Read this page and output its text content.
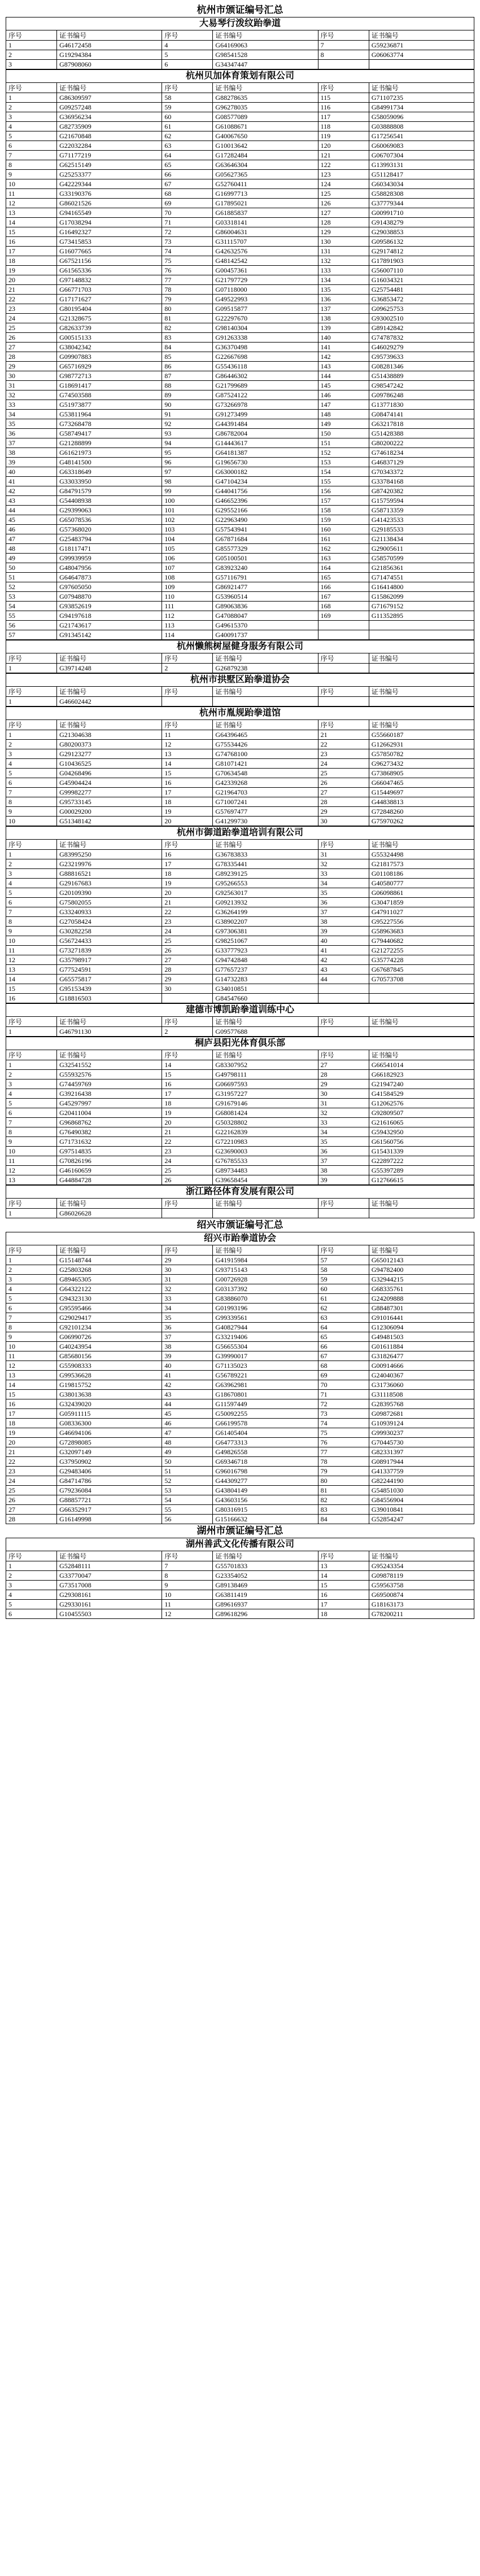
杭州市颁证编号汇总
大易琴行泼纹跆拳道
序号	证书编号	序号	证书编号	序号	证书编号
1	G46172458	4	G64169063	7	G59236871
2	G19294384	5	G98541528	8	G06063774
3	G87908060	6	G34347447		
杭州贝加体育策划有限公司
序号	证书编号	序号	证书编号	序号	证书编号
1	G86309597	58	G88278635	115	G71107235
2	G09257248	59	G96278035	116	G84991734
3	G36956234	60	G08577089	117	G58059096
4	G82735909	61	G61088671	118	G03888808
5	G21670848	62	G40067650	119	G17256541
6	G22032284	63	G10013642	120	G60069083
7	G71177219	64	G17282484	121	G06707304
8	G62515149	65	G63646304	122	G13993131
9	G25253377	66	G05627365	123	G51128417
10	G42229344	67	G52760411	124	G60343034
11	G33190376	68	G16997713	125	G58828308
12	G86021526	69	G17895021	126	G37779344
13	G94165549	70	G61885837	127	G00991710
14	G17038294	71	G03318141	128	G91438279
15	G16492327	72	G86004631	129	G29038853
16	G73415853	73	G31115707	130	G09586132
17	G16077665	74	G42632576	131	G29174812
18	G67521156	75	G48142542	132	G17891903
19	G61565336	76	G00457361	133	G56007110
20	G97148832	77	G21797729	134	G16034321
21	G66771703	78	G07118000	135	G25754481
22	G17171627	79	G49522993	136	G36853472
23	G80195404	80	G09515877	137	G09625753
24	G21328675	81	G22297670	138	G93002510
25	G82633739	82	G98140304	139	G89142842
26	G00515133	83	G91263338	140	G74787832
27	G38042342	84	G36370498	141	G46029279
28	G09907883	85	G22667698	142	G95739633
29	G65716929	86	G55436118	143	G08281346
30	G98772713	87	G86446302	144	G51438889
31	G18691417	88	G21799689	145	G98547242
32	G74503588	89	G87524122	146	G09786248
33	G51973877	90	G73266978	147	G13771830
34	G53811964	91	G91273499	148	G08474141
35	G73268478	92	G44391484	149	G63217818
36	G58749417	93	G86782004	150	G51428388
37	G21288899	94	G14443617	151	G80200222
38	G61621973	95	G64181387	152	G74618234
39	G48141500	96	G19656730	153	G46837129
40	G63318649	97	G63000182	154	G70343372
41	G33033950	98	G47104234	155	G33784168
42	G84791579	99	G44041756	156	G87420382
43	G54408938	100	G46652396	157	G15759594
44	G29399063	101	G29552166	158	G58713359
45	G65078536	102	G22963490	159	G41423533
46	G57368020	103	G57543941	160	G29185533
47	G25483794	104	G67871684	161	G21138434
48	G18117471	105	G85577329	162	G29005611
49	G99939959	106	G05100501	163	G58570599
50	G48047956	107	G83923240	164	G21856361
51	G64647873	108	G57116791	165	G71474551
52	G97605050	109	G86921477	166	G16414800
53	G07948870	110	G53960514	167	G15862099
54	G93852619	111	G89063836	168	G71679152
55	G94197618	112	G47088047	169	G11352895
56	G21743617	113	G49615370		
57	G91345142	114	G40091737		
杭州懒熊树屋健身服务有限公司
序号	证书编号	序号	证书编号	序号	证书编号
1	G39714248	2	G26879238		
杭州市拱墅区跆拳道协会
序号	证书编号	序号	证书编号	序号	证书编号
1	G46602442				
杭州市胤规跆拳道馆
序号	证书编号	序号	证书编号	序号	证书编号
1	G21304638	11	G64396465	21	G55660187
2	G80200373	12	G75534426	22	G12662931
3	G29123277	13	G74768100	23	G57850782
4	G10436525	14	G81071421	24	G96273432
5	G04268496	15	G70634548	25	G73868905
6	G45904424	16	G42339268	26	G66047465
7	G99982277	17	G21964703	27	G15449697
8	G95733145	18	G71007241	28	G44838813
9	G00029200	19	G57697477	29	G72848260
10	G51348142	20	G41299730	30	G75970262
杭州市御道跆拳道培训有限公司
序号	证书编号	序号	证书编号	序号	证书编号
1	G83995250	16	G36783833	31	G55324498
2	G23219976	17	G78335441	32	G21817573
3	G88816521	18	G89239125	33	G01108186
4	G29167683	19	G95266553	34	G40580777
5	G20109390	20	G92563017	35	G06098861
6	G75802055	21	G09213932	36	G30471859
7	G33240933	22	G36264199	37	G47911027
8	G27058424	23	G38902207	38	G95227556
9	G30282258	24	G97306381	39	G58963683
10	G56724433	25	G98251067	40	G79440682
11	G73271839	26	G33777923	41	G21272255
12	G35798917	27	G94742848	42	G35774228
13	G77524591	28	G77657237	43	G67687845
14	G65575817	29	G14732283	44	G70573708
15	G95153439	30	G34010851		
16	G18816503		G84547660		
建德市博凯跆拳道训练中心
序号	证书编号	序号	证书编号	序号	证书编号
1	G46791130	2	G09577688		
桐庐县阳光体育俱乐部
序号	证书编号	序号	证书编号	序号	证书编号
1	G32541552	14	G83307952	27	G66541014
2	G55932576	15	G49798111	28	G66182923
3	G74459769	16	G06697593	29	G21947240
4	G39216438	17	G31957227	30	G41584529
5	G45297997	18	G91679146	31	G12062576
6	G20411004	19	G68081424	32	G92809507
7	G96868762	20	G50328802	33	G21616065
8	G76490382	21	G22162839	34	G59432950
9	G71731632	22	G72210983	35	G61560756
10	G97514835	23	G23690003	36	G15431339
11	G70826196	24	G76785533	37	G22897222
12	G46160659	25	G89734483	38	G55397289
13	G44884728	26	G39658454	39	G12766615
浙江路径体育发展有限公司
序号	证书编号	序号	证书编号	序号	证书编号
1	G86026628				
绍兴市颁证编号汇总
绍兴市跆拳道协会
序号	证书编号	序号	证书编号	序号	证书编号
1	G15148744	29	G41915984	57	G65012143
2	G25803268	30	G93715143	58	G94782400
3	G89465305	31	G00726928	59	G32944215
4	G64322122	32	G03137392	60	G68335761
5	G94323130	33	G83886070	61	G24209888
6	G95595466	34	G01993196	62	G88487301
7	G29029417	35	G99339561	63	G91016441
8	G92101234	36	G40827944	64	G12306094
9	G06990726	37	G33219406	65	G49481503
10	G40243954	38	G56655304	66	G01611884
11	G85680156	39	G39990017	67	G31826477
12	G55908333	40	G71135023	68	G00914666
13	G99536628	41	G56789221	69	G24040367
14	G19815752	42	G63962981	70	G31736060
15	G38013638	43	G18670801	71	G31118508
16	G32439020	44	G11597449	72	G28395768
17	G05911115	45	G50092255	73	G09872681
18	G08336300	46	G66199578	74	G10939124
19	G46694106	47	G61405404	75	G99930237
20	G72898085	48	G64773313	76	G70445730
21	G32097149	49	G49826558	77	G82331397
22	G37950902	50	G69346718	78	G08917944
23	G29483406	51	G96016798	79	G41337759
24	G84714786	52	G44309277	80	G82244190
25	G79236084	53	G43804149	81	G54851030
26	G88857721	54	G43603156	82	G84556904
27	G66352917	55	G80316915	83	G39010841
28	G16149998	56	G15166632	84	G52854247
湖州市颁证编号汇总
湖州善武文化传播有限公司
序号	证书编号	序号	证书编号	序号	证书编号
1	G52848111	7	G55701833	13	G95243354
2	G33770047	8	G23354052	14	G09878119
3	G73517008	9	G89138469	15	G59563758
4	G29308161	10	G63811419	16	G69500874
5	G29330161	11	G89616937	17	G18163173
6	G10455503	12	G89618296	18	G78200211
